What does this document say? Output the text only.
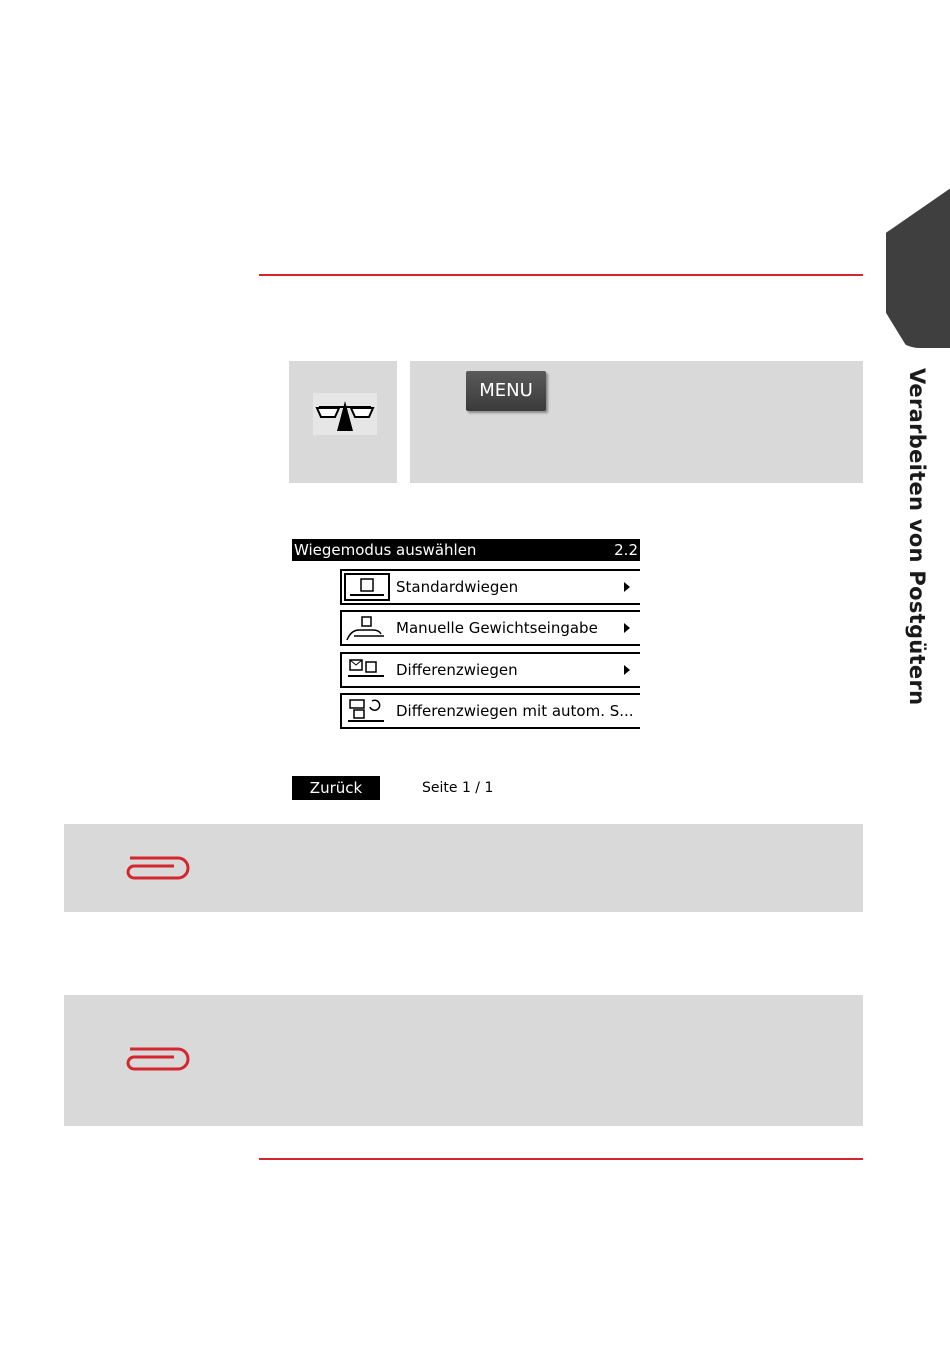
Verarbeiten von Postgütern
MENU
Wiegemodus auswählen	2.2
Standardwiegen
Manuelle Gewichtseingabe
Differenzwiegen
Differenzwiegen mit autom. S...
Zurück	Seite 1 / 1
